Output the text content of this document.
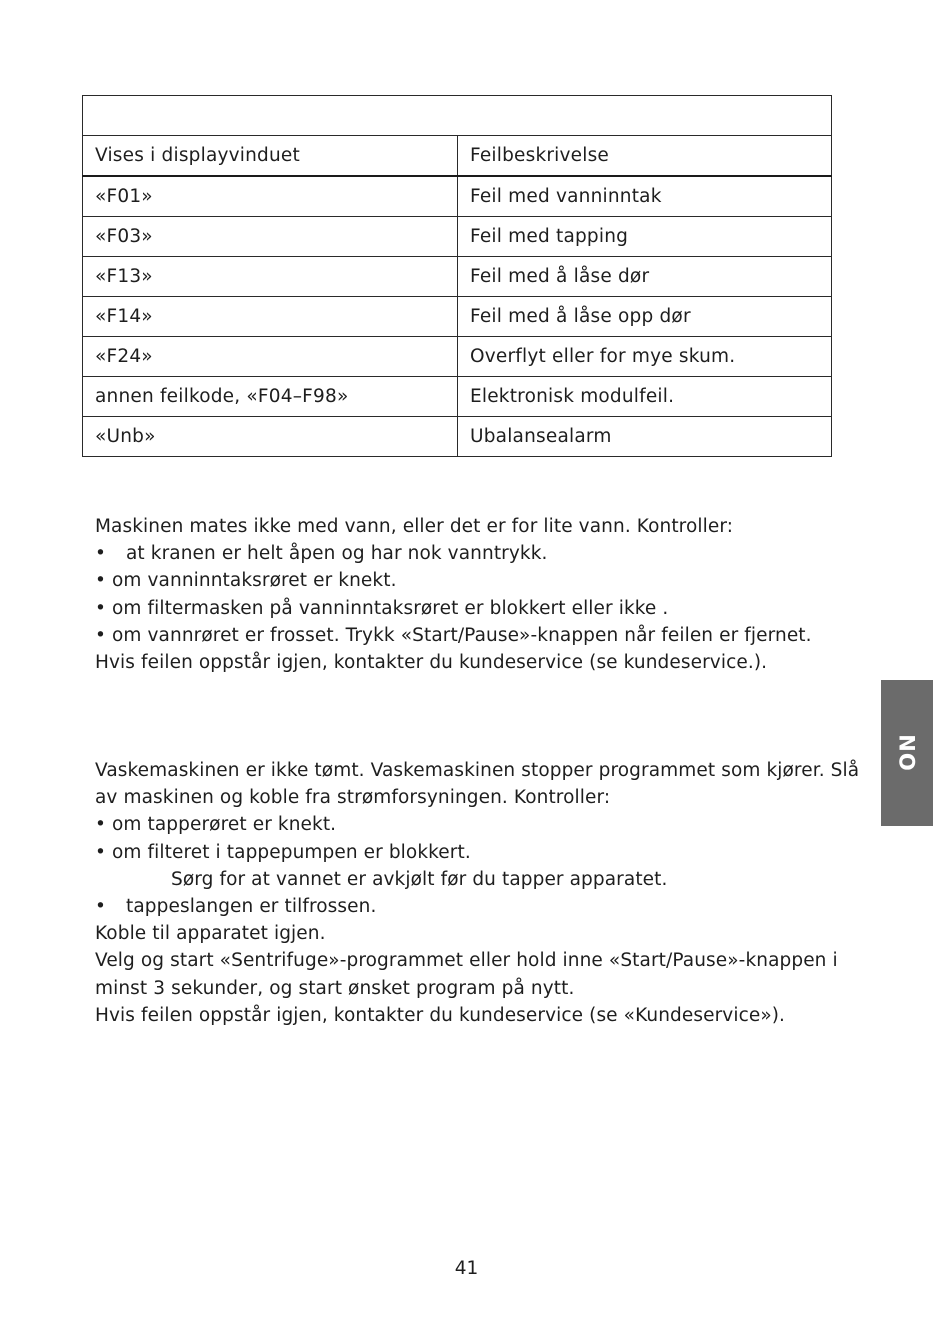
Vises i displayvinduet	Feilbeskrivelse
«F01»	Feil med vanninntak
«F03»	Feil med tapping
«F13»	Feil med å låse dør
«F14»	Feil med å låse opp dør
«F24»	Overflyt eller for mye skum.
annen feilkode, «F04–F98»	Elektronisk modulfeil.
«Unb»	Ubalansealarm

Maskinen mates ikke med vann, eller det er for lite vann. Kontroller:

• at kranen er helt åpen og har nok vanntrykk.

• om vanninntaksrøret er knekt.

• om filtermasken på vanninntaksrøret er blokkert eller ikke .

• om vannrøret er frosset. Trykk «Start/Pause»-knappen når feilen er fjernet.

Hvis feilen oppstår igjen, kontakter du kundeservice (se kundeservice.).

Vaskemaskinen er ikke tømt. Vaskemaskinen stopper programmet som kjører. Slå

av maskinen og koble fra strømforsyningen. Kontroller:

• om tapperøret er knekt.

• om filteret i tappepumpen er blokkert.

Sørg for at vannet er avkjølt før du tapper apparatet.

• tappeslangen er tilfrossen.

Koble til apparatet igjen.

Velg og start «Sentrifuge»-programmet eller hold inne «Start/Pause»-knappen i

minst 3 sekunder, og start ønsket program på nytt.

Hvis feilen oppstår igjen, kontakter du kundeservice (se «Kundeservice»).

NO
41
